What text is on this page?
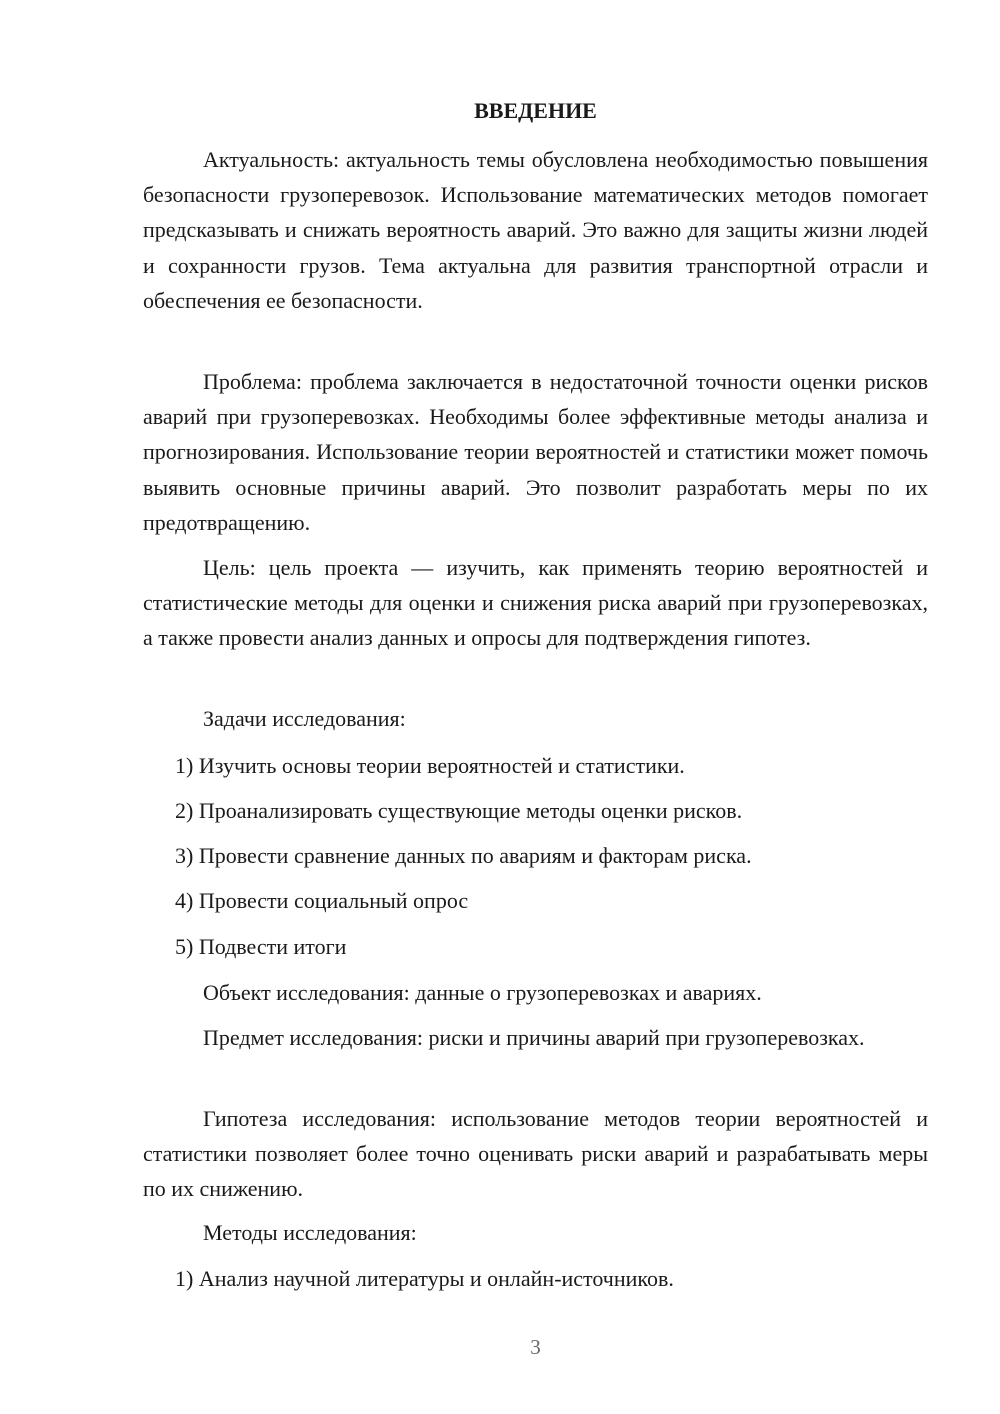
ВВЕДЕНИЕ

Актуальность: актуальность темы обусловлена необходимостью повышения безопасности грузоперевозок. Использование математических методов помогает предсказывать и снижать вероятность аварий. Это важно для защиты жизни людей и сохранности грузов. Тема актуальна для развития транспортной отрасли и обеспечения ее безопасности.

Проблема: проблема заключается в недостаточной точности оценки рисков аварий при грузоперевозках. Необходимы более эффективные методы анализа и прогнозирования. Использование теории вероятностей и статистики может помочь выявить основные причины аварий. Это позволит разработать меры по их предотвращению.

Цель: цель проекта — изучить, как применять теорию вероятностей и статистические методы для оценки и снижения риска аварий при грузоперевозках, а также провести анализ данных и опросы для подтверждения гипотез.

Задачи исследования:

1) Изучить основы теории вероятностей и статистики.

2) Проанализировать существующие методы оценки рисков.

3) Провести сравнение данных по авариям и факторам риска.

4) Провести социальный опрос

5) Подвести итоги

Объект исследования: данные о грузоперевозках и авариях.

Предмет исследования: риски и причины аварий при грузоперевозках.

Гипотеза исследования: использование методов теории вероятностей и статистики позволяет более точно оценивать риски аварий и разрабатывать меры по их снижению.

Методы исследования:

1) Анализ научной литературы и онлайн-источников.

3
